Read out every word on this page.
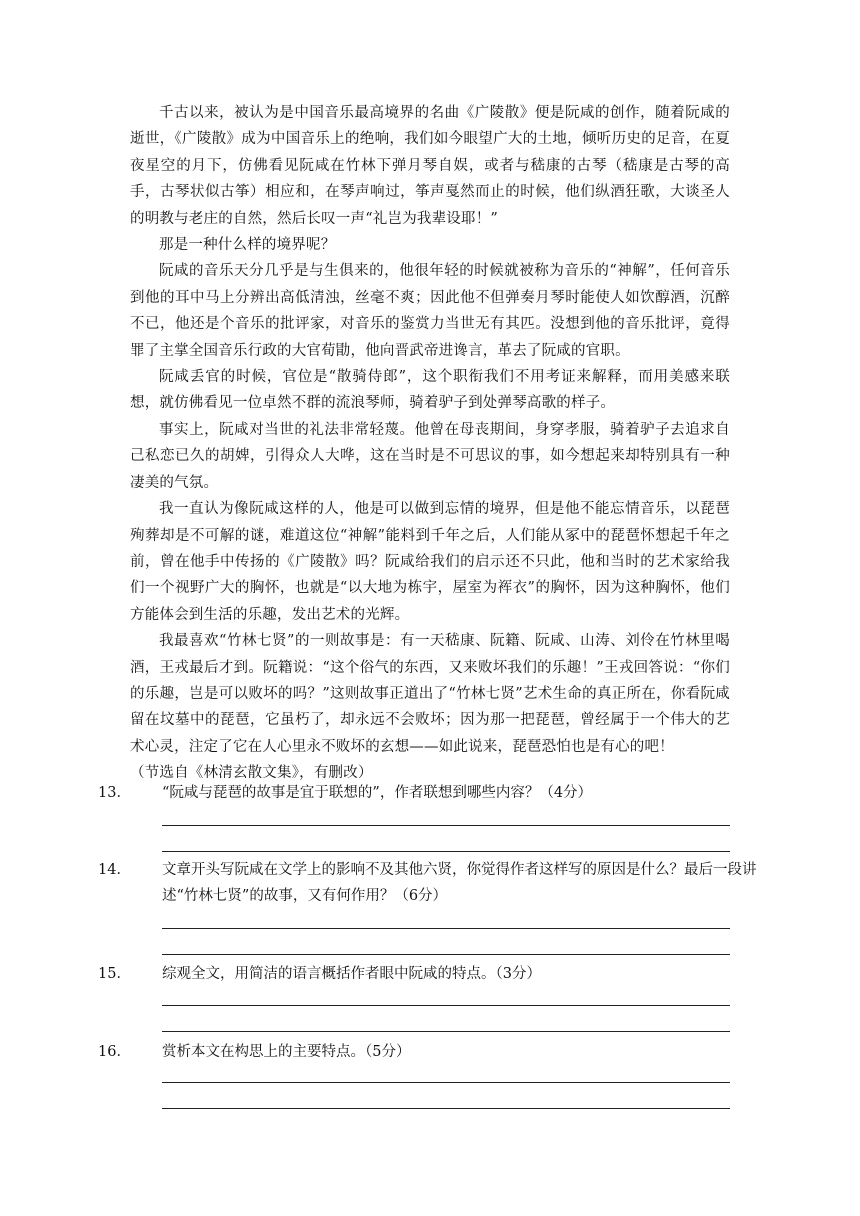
千古以来，被认为是中国音乐最高境界的名曲《广陵散》便是阮咸的创作，随着阮咸的逝世，《广陵散》成为中国音乐上的绝响，我们如今眼望广大的土地，倾听历史的足音，在夏夜星空的月下，仿佛看见阮咸在竹林下弹月琴自娱，或者与嵇康的古琴（嵇康是古琴的高手，古琴状似古筝）相应和，在琴声响过，筝声戛然而止的时候，他们纵酒狂歌，大谈圣人的明教与老庄的自然，然后长叹一声“礼岂为我辈设耶！”

那是一种什么样的境界呢？

阮咸的音乐天分几乎是与生俱来的，他很年轻的时候就被称为音乐的“神解”，任何音乐到他的耳中马上分辨出高低清浊，丝毫不爽；因此他不但弹奏月琴时能使人如饮醇酒，沉醉不已，他还是个音乐的批评家，对音乐的鉴赏力当世无有其匹。没想到他的音乐批评，竟得罪了主掌全国音乐行政的大官荀勖，他向晋武帝进谗言，革去了阮咸的官职。

阮咸丢官的时候，官位是“散骑侍郎”，这个职衔我们不用考证来解释，而用美感来联想，就仿佛看见一位卓然不群的流浪琴师，骑着驴子到处弹琴高歌的样子。

事实上，阮咸对当世的礼法非常轻蔑。他曾在母丧期间，身穿孝服，骑着驴子去追求自己私恋已久的胡婢，引得众人大哗，这在当时是不可思议的事，如今想起来却特别具有一种凄美的气氛。

我一直认为像阮咸这样的人，他是可以做到忘情的境界，但是他不能忘情音乐，以琵琶殉葬却是不可解的谜，难道这位“神解”能料到千年之后，人们能从冢中的琵琶怀想起千年之前，曾在他手中传扬的《广陵散》吗？阮咸给我们的启示还不只此，他和当时的艺术家给我们一个视野广大的胸怀，也就是“以大地为栋宇，屋室为裈衣”的胸怀，因为这种胸怀，他们方能体会到生活的乐趣，发出艺术的光辉。

我最喜欢“竹林七贤”的一则故事是：有一天嵇康、阮籍、阮咸、山涛、刘伶在竹林里喝酒，王戎最后才到。阮籍说：“这个俗气的东西，又来败坏我们的乐趣！”王戎回答说：“你们的乐趣，岂是可以败坏的吗？”这则故事正道出了“竹林七贤”艺术生命的真正所在，你看阮咸留在坟墓中的琵琶，它虽朽了，却永远不会败坏；因为那一把琵琶，曾经属于一个伟大的艺术心灵，注定了它在人心里永不败坏的玄想——如此说来，琵琶恐怕也是有心的吧！

（节选自《林清玄散文集》，有删改）

13． “阮咸与琵琶的故事是宜于联想的”，作者联想到哪些内容？（4分）
14． 文章开头写阮咸在文学上的影响不及其他六贤，你觉得作者这样写的原因是什么？最后一段讲述“竹林七贤”的故事，又有何作用？（6分）
15． 综观全文，用简洁的语言概括作者眼中阮咸的特点。（3分）
16． 赏析本文在构思上的主要特点。（5分）
